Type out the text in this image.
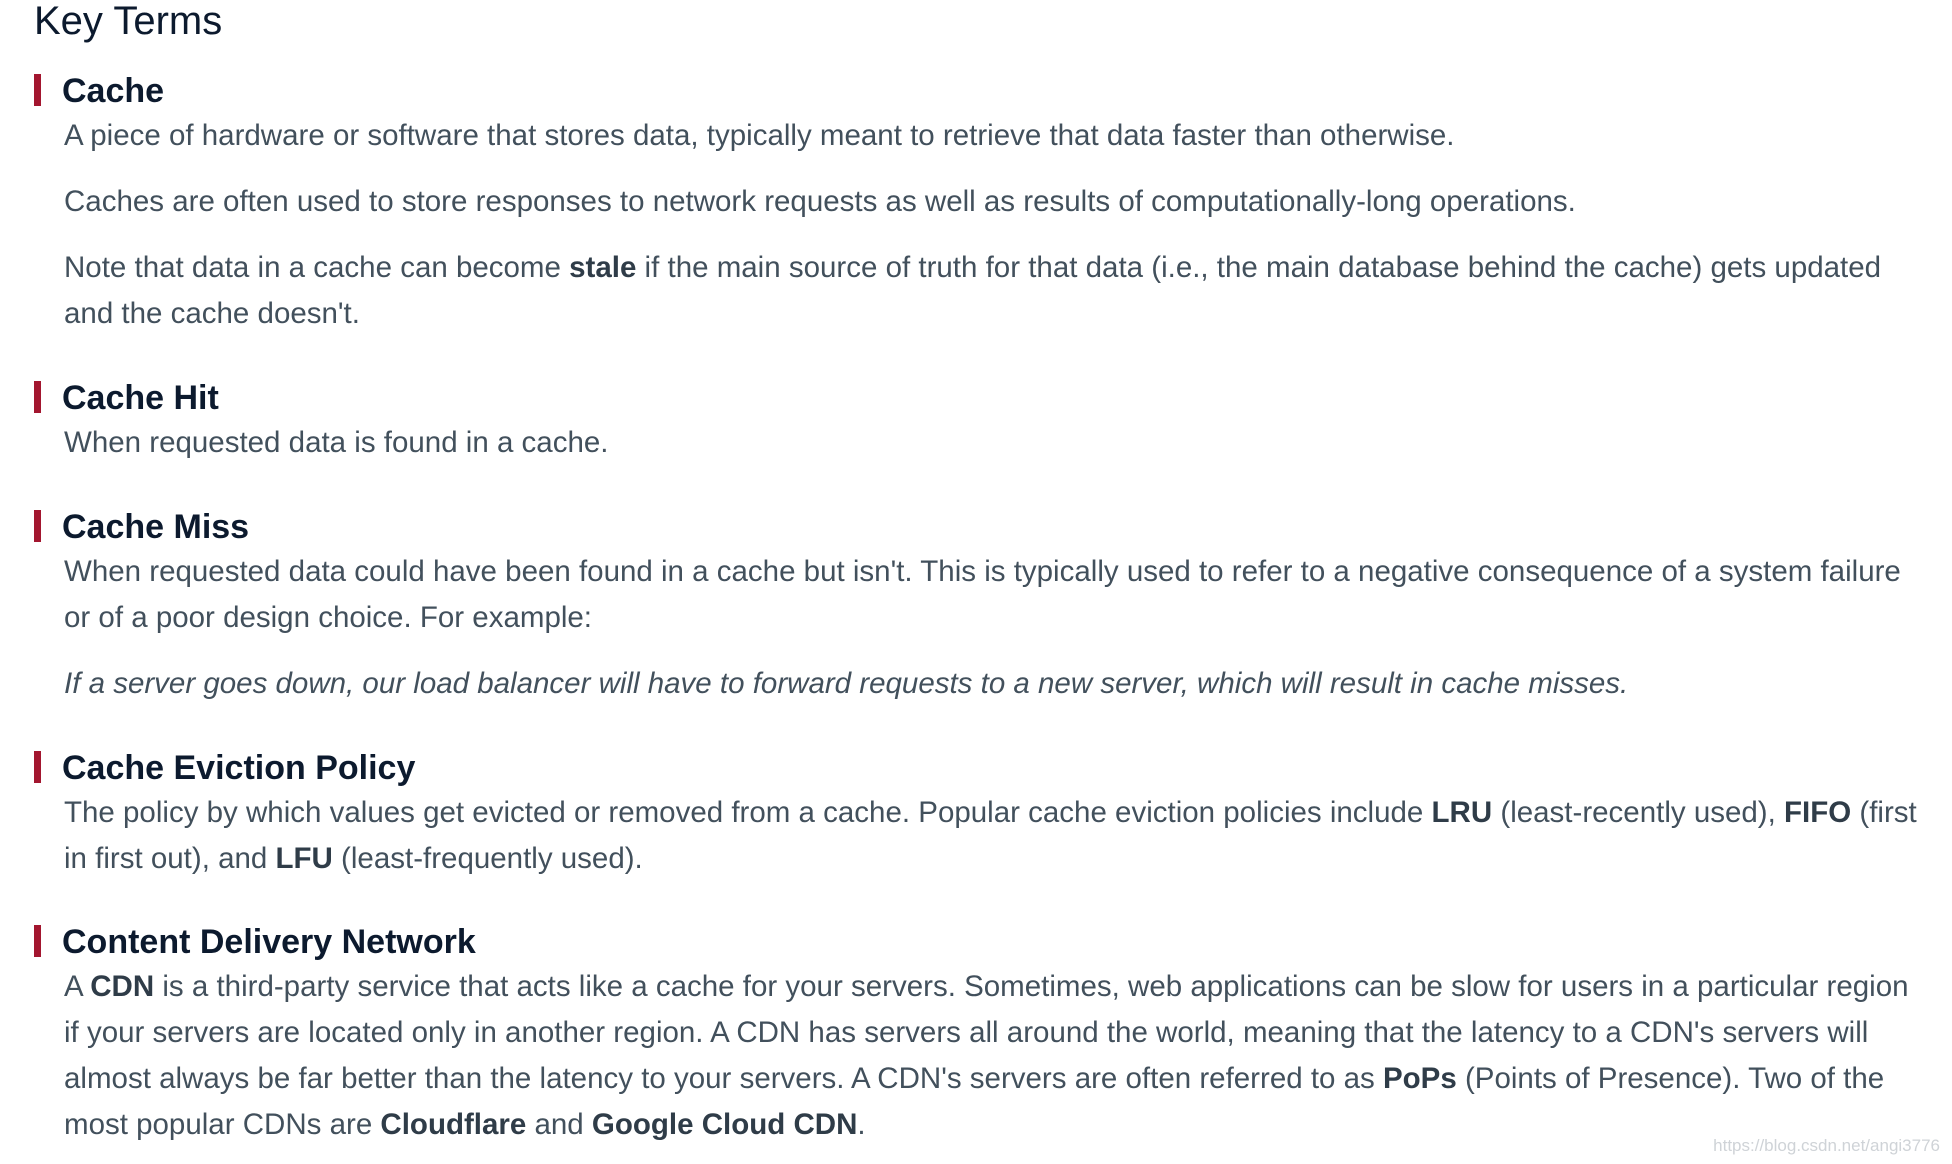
Key Terms
Cache

A piece of hardware or software that stores data, typically meant to retrieve that data faster than otherwise.

Caches are often used to store responses to network requests as well as results of computationally-long operations.

Note that data in a cache can become stale if the main source of truth for that data (i.e., the main database behind the cache) gets updated and the cache doesn't.

Cache Hit

When requested data is found in a cache.

Cache Miss

When requested data could have been found in a cache but isn't. This is typically used to refer to a negative consequence of a system failure or of a poor design choice. For example:

If a server goes down, our load balancer will have to forward requests to a new server, which will result in cache misses.

Cache Eviction Policy

The policy by which values get evicted or removed from a cache. Popular cache eviction policies include LRU (least-recently used), FIFO (first in first out), and LFU (least-frequently used).

Content Delivery Network

A CDN is a third-party service that acts like a cache for your servers. Sometimes, web applications can be slow for users in a particular region if your servers are located only in another region. A CDN has servers all around the world, meaning that the latency to a CDN's servers will almost always be far better than the latency to your servers. A CDN's servers are often referred to as PoPs (Points of Presence). Two of the most popular CDNs are Cloudflare and Google Cloud CDN.

https://blog.csdn.net/angi3776
